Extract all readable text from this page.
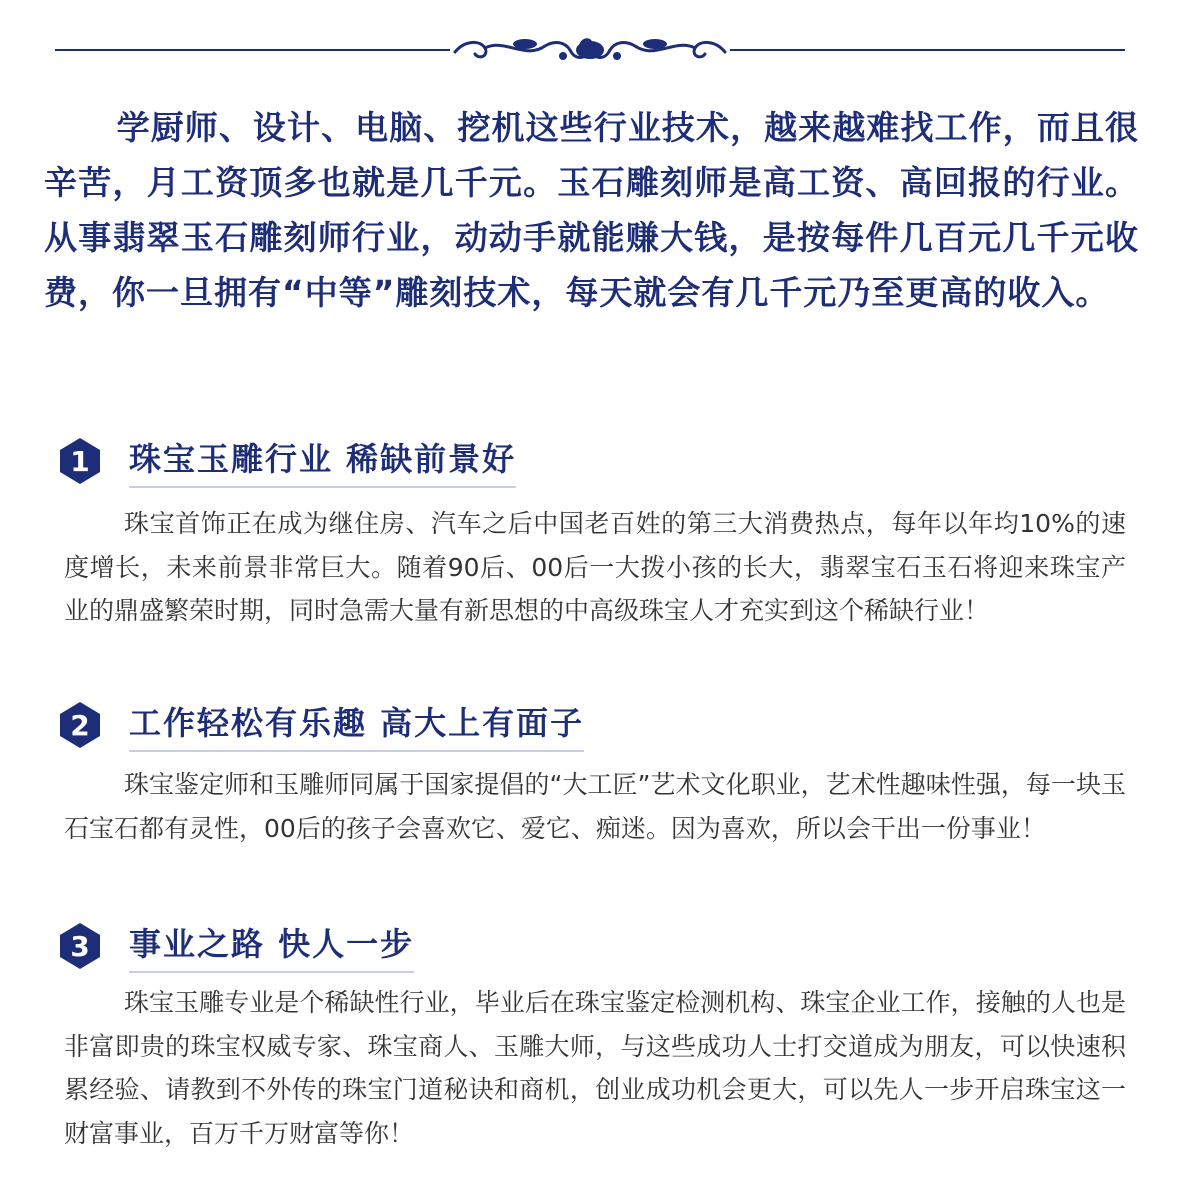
学厨师、设计、电脑、挖机这些行业技术，越来越难找工作，而且很辛苦，月工资顶多也就是几千元。玉石雕刻师是高工资、高回报的行业。从事翡翠玉石雕刻师行业，动动手就能赚大钱，是按每件几百元几千元收费，你一旦拥有“中等”雕刻技术，每天就会有几千元乃至更高的收入。

1 珠宝玉雕行业 稀缺前景好

珠宝首饰正在成为继住房、汽车之后中国老百姓的第三大消费热点，每年以年均10%的速度增长，未来前景非常巨大。随着90后、00后一大拨小孩的长大，翡翠宝石玉石将迎来珠宝产业的鼎盛繁荣时期，同时急需大量有新思想的中高级珠宝人才充实到这个稀缺行业！

2 工作轻松有乐趣 高大上有面子

珠宝鉴定师和玉雕师同属于国家提倡的“大工匠”艺术文化职业，艺术性趣味性强，每一块玉石宝石都有灵性，00后的孩子会喜欢它、爱它、痴迷。因为喜欢，所以会干出一份事业！

3 事业之路 快人一步

珠宝玉雕专业是个稀缺性行业，毕业后在珠宝鉴定检测机构、珠宝企业工作，接触的人也是非富即贵的珠宝权威专家、珠宝商人、玉雕大师，与这些成功人士打交道成为朋友，可以快速积累经验、请教到不外传的珠宝门道秘诀和商机，创业成功机会更大，可以先人一步开启珠宝这一财富事业，百万千万财富等你！
